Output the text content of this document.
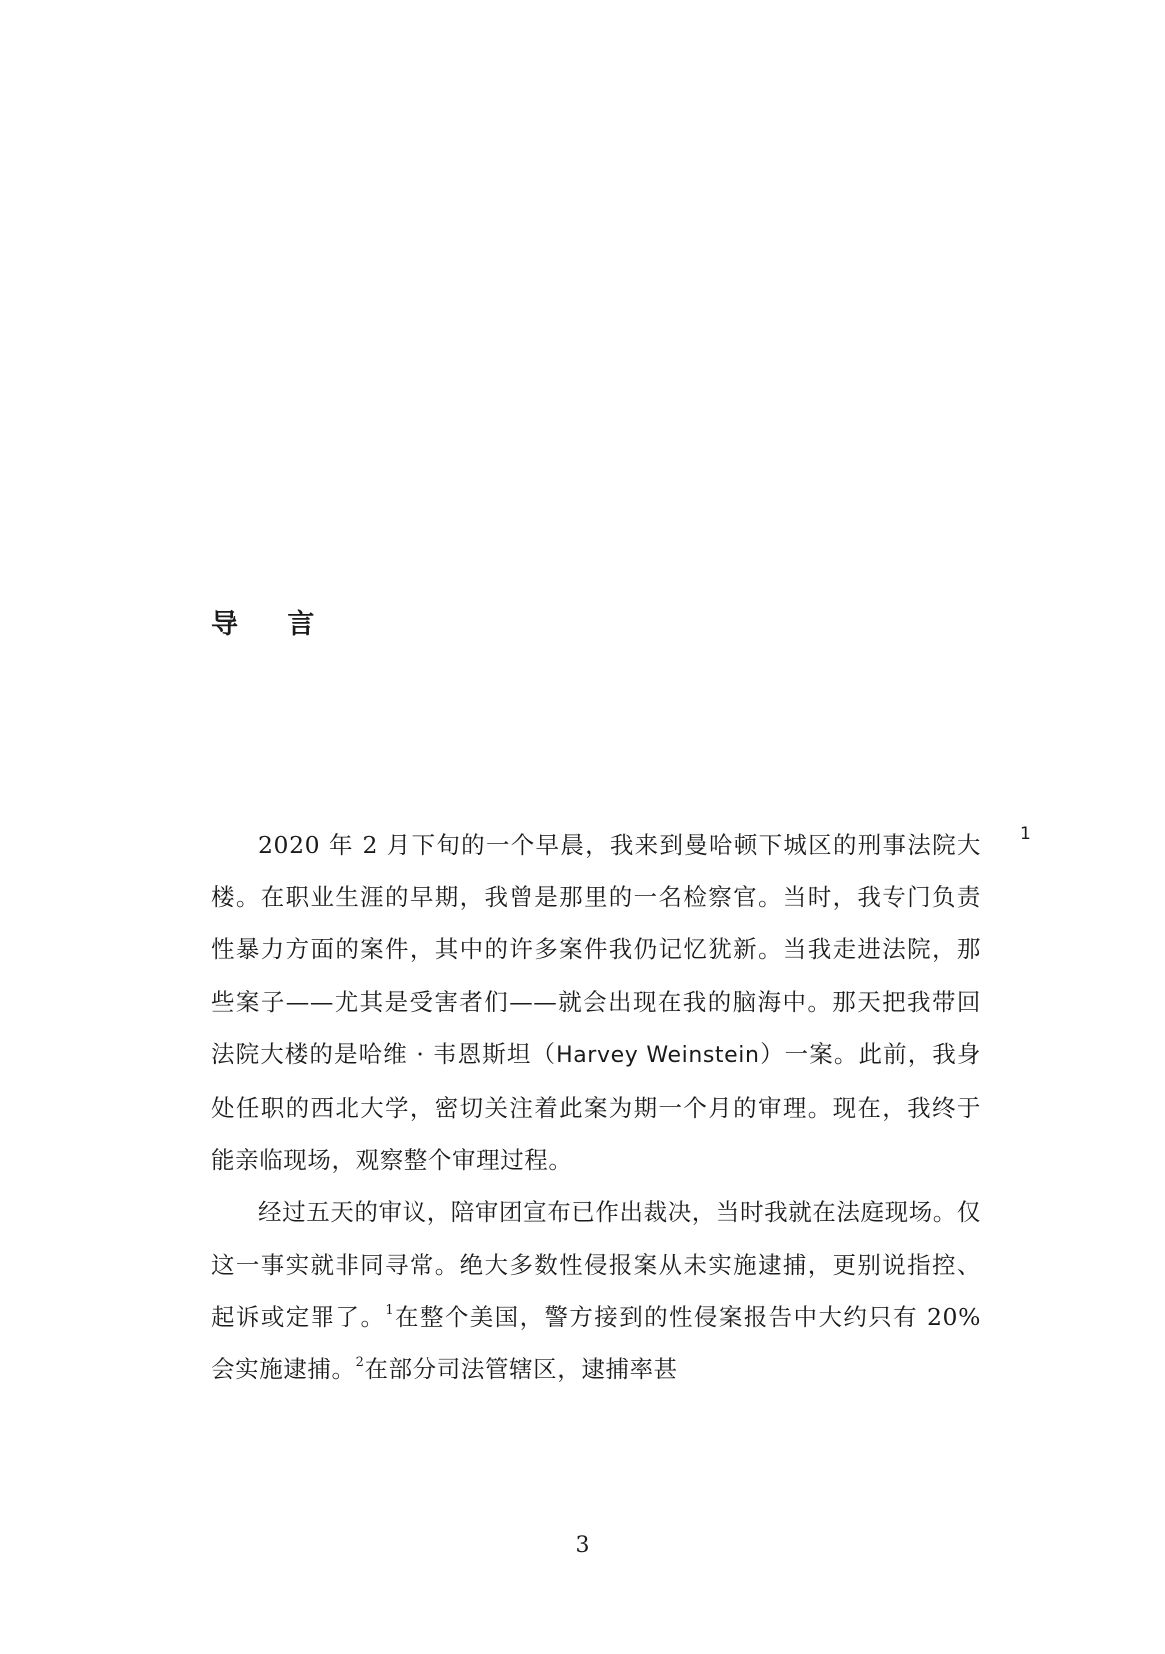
导 言
1

2020 年 2 月下旬的一个早晨，我来到曼哈顿下城区的刑事法院大楼。在职业生涯的早期，我曾是那里的一名检察官。当时，我专门负责性暴力方面的案件，其中的许多案件我仍记忆犹新。当我走进法院，那些案子——尤其是受害者们——就会出现在我的脑海中。那天把我带回法院大楼的是哈维 · 韦恩斯坦（Harvey Weinstein）一案。此前，我身处任职的西北大学，密切关注着此案为期一个月的审理。现在，我终于能亲临现场，观察整个审理过程。

经过五天的审议，陪审团宣布已作出裁决，当时我就在法庭现场。仅这一事实就非同寻常。绝大多数性侵报案从未实施逮捕，更别说指控、起诉或定罪了。$^1$在整个美国，警方接到的性侵案报告中大约只有 20% 会实施逮捕。$^2$在部分司法管辖区，逮捕率甚

3
